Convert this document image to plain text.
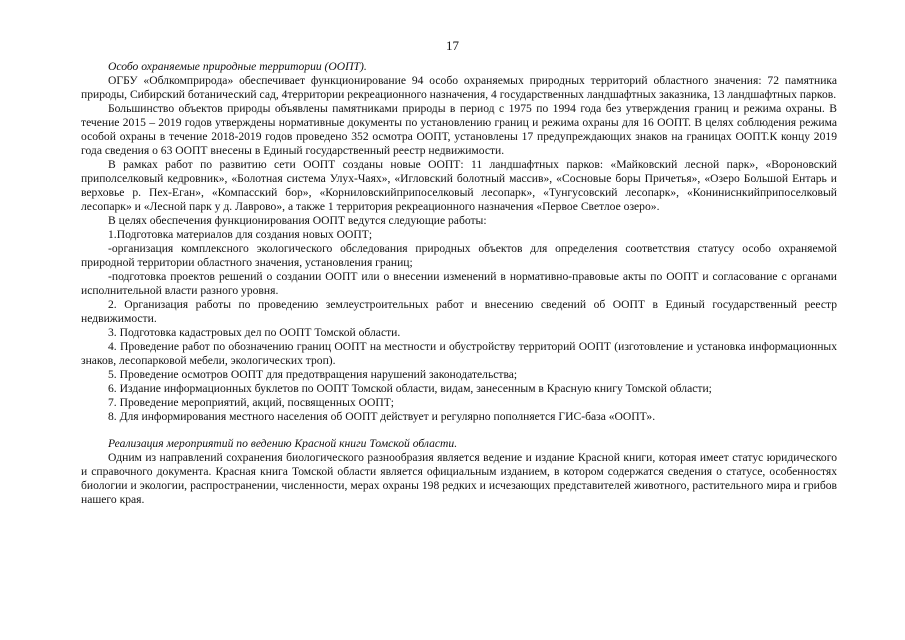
17

Особо охраняемые природные территории (ООПТ).

ОГБУ «Облкомприрода» обеспечивает функционирование 94 особо охраняемых природных территорий областного значения: 72 памятника природы, Сибирский ботанический сад, 4территории рекреационного назначения, 4 государственных ландшафтных заказника, 13 ландшафтных парков.

Большинство объектов природы объявлены памятниками природы в период с 1975 по 1994 года без утверждения границ и режима охраны. В течение 2015 – 2019 годов утверждены нормативные документы по установлению границ и режима охраны для 16 ООПТ. В целях соблюдения режима особой охраны в течение 2018-2019 годов проведено 352 осмотра ООПТ, установлены 17 предупреждающих знаков на границах ООПТ.К концу 2019 года сведения о 63 ООПТ внесены в Единый государственный реестр недвижимости.

В рамках работ по развитию сети ООПТ созданы новые ООПТ: 11 ландшафтных парков: «Майковский лесной парк», «Вороновский приполселковый кедровник», «Болотная система Улух-Чаях», «Игловский болотный массив», «Сосновые боры Причетья», «Озеро Большой Ентарь и верховье р. Пех-Еган», «Компасский бор», «Корниловскийприпоселковый лесопарк», «Тунгусовский лесопарк», «Кониниснкийприпоселковый лесопарк» и «Лесной парк у д. Лаврово», а также 1 территория рекреационного назначения «Первое Светлое озеро».

В целях обеспечения функционирования ООПТ ведутся следующие работы:

1.Подготовка материалов для создания новых ООПТ;

-организация комплексного экологического обследования природных объектов для определения соответствия статусу особо охраняемой природной территории областного значения, установления границ;

-подготовка проектов решений о создании ООПТ или о внесении изменений в нормативно-правовые акты по ООПТ и согласование с органами исполнительной власти разного уровня.

2. Организация работы по проведению землеустроительных работ и внесению сведений об ООПТ в Единый государственный реестр недвижимости.

3. Подготовка кадастровых дел по ООПТ Томской области.

4. Проведение работ по обозначению границ ООПТ на местности и обустройству территорий ООПТ (изготовление и установка информационных знаков, лесопарковой мебели, экологических троп).

5. Проведение осмотров ООПТ для предотвращения нарушений законодательства;

6. Издание информационных буклетов по ООПТ Томской области, видам, занесенным в Красную книгу Томской области;

7. Проведение мероприятий, акций, посвященных ООПТ;

8. Для информирования местного населения об ООПТ действует и регулярно пополняется ГИС-база «ООПТ».

Реализация мероприятий по ведению Красной книги Томской области.

Одним из направлений сохранения биологического разнообразия является ведение и издание Красной книги, которая имеет статус юридического и справочного документа. Красная книга Томской области является официальным изданием, в котором содержатся сведения о статусе, особенностях биологии и экологии, распространении, численности, мерах охраны 198 редких и исчезающих представителей животного, растительного мира и грибов нашего края.
